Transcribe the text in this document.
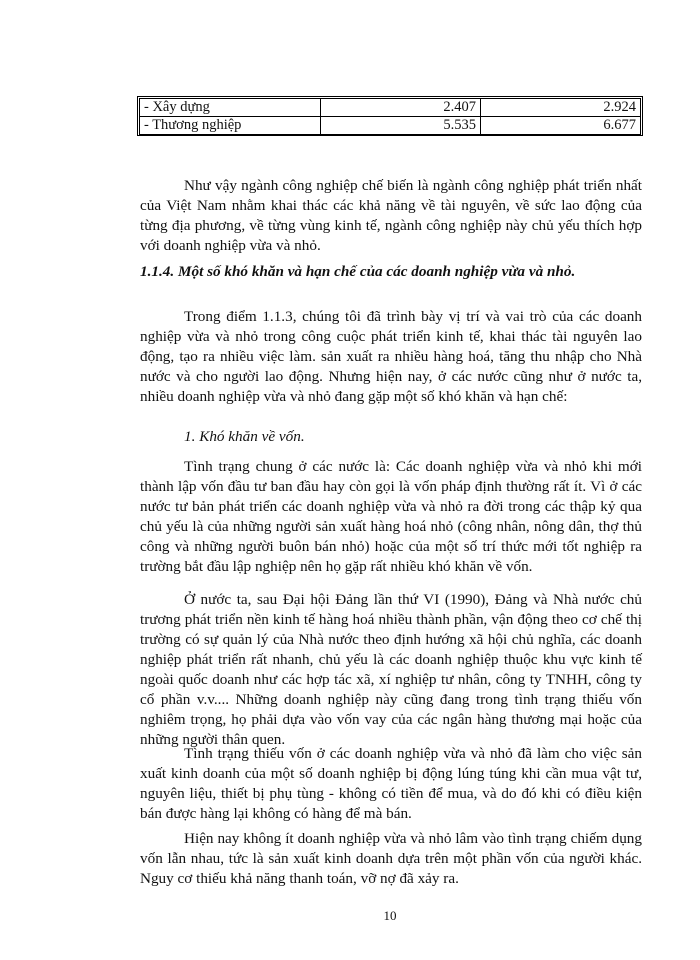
- Xây dựng	2.407	2.924
- Thương nghiệp	5.535	6.677

Như vậy ngành công nghiệp chế biến là ngành công nghiệp phát triển nhất của Việt Nam nhằm khai thác các khả năng về tài nguyên, về sức lao động của từng địa phương, về từng vùng kinh tế, ngành công nghiệp này chủ yếu thích hợp với doanh nghiệp vừa và nhỏ.

1.1.4. Một số khó khăn và hạn chế của các doanh nghiệp vừa và nhỏ.

Trong điểm 1.1.3, chúng tôi đã trình bày vị trí và vai trò của các doanh nghiệp vừa và nhỏ trong công cuộc phát triển kinh tế, khai thác tài nguyên lao động, tạo ra nhiều việc làm. sản xuất ra nhiều hàng hoá, tăng thu nhập cho Nhà nước và cho người lao động. Nhưng hiện nay, ở các nước cũng như ở nước ta, nhiều doanh nghiệp vừa và nhỏ đang gặp một số khó khăn và hạn chế:

1. Khó khăn về vốn.

Tình trạng chung ở các nước là: Các doanh nghiệp vừa và nhỏ khi mới thành lập vốn đầu tư ban đầu hay còn gọi là vốn pháp định thường rất ít. Vì ở các nước tư bản phát triển các doanh nghiệp vừa và nhỏ ra đời trong các thập kỷ qua chủ yếu là của những người sản xuất hàng hoá nhỏ (công nhân, nông dân, thợ thủ công và những người buôn bán nhỏ) hoặc của một số trí thức mới tốt nghiệp ra trường bắt đầu lập nghiệp nên họ gặp rất nhiều khó khăn về vốn.

Ở nước ta, sau Đại hội Đảng lần thứ VI (1990), Đảng và Nhà nước chủ trương phát triển nền kinh tế hàng hoá nhiều thành phần, vận động theo cơ chế thị trường có sự quản lý của Nhà nước theo định hướng xã hội chủ nghĩa, các doanh nghiệp phát triển rất nhanh, chủ yếu là các doanh nghiệp thuộc khu vực kinh tế ngoài quốc doanh như các hợp tác xã, xí nghiệp tư nhân, công ty TNHH, công ty cổ phần v.v.... Những doanh nghiệp này cũng đang trong tình trạng thiếu vốn nghiêm trọng, họ phải dựa vào vốn vay của các ngân hàng thương mại hoặc của những người thân quen.

Tình trạng thiếu vốn ở các doanh nghiệp vừa và nhỏ đã làm cho việc sản xuất kinh doanh của một số doanh nghiệp bị động lúng túng khi cần mua vật tư, nguyên liệu, thiết bị phụ tùng - không có tiền để mua, và do đó khi có điều kiện bán được hàng lại không có hàng để mà bán.

Hiện nay không ít doanh nghiệp vừa và nhỏ lâm vào tình trạng chiếm dụng vốn lẫn nhau, tức là sản xuất kinh doanh dựa trên một phần vốn của người khác. Nguy cơ thiếu khả năng thanh toán, vỡ nợ đã xảy ra.

10
